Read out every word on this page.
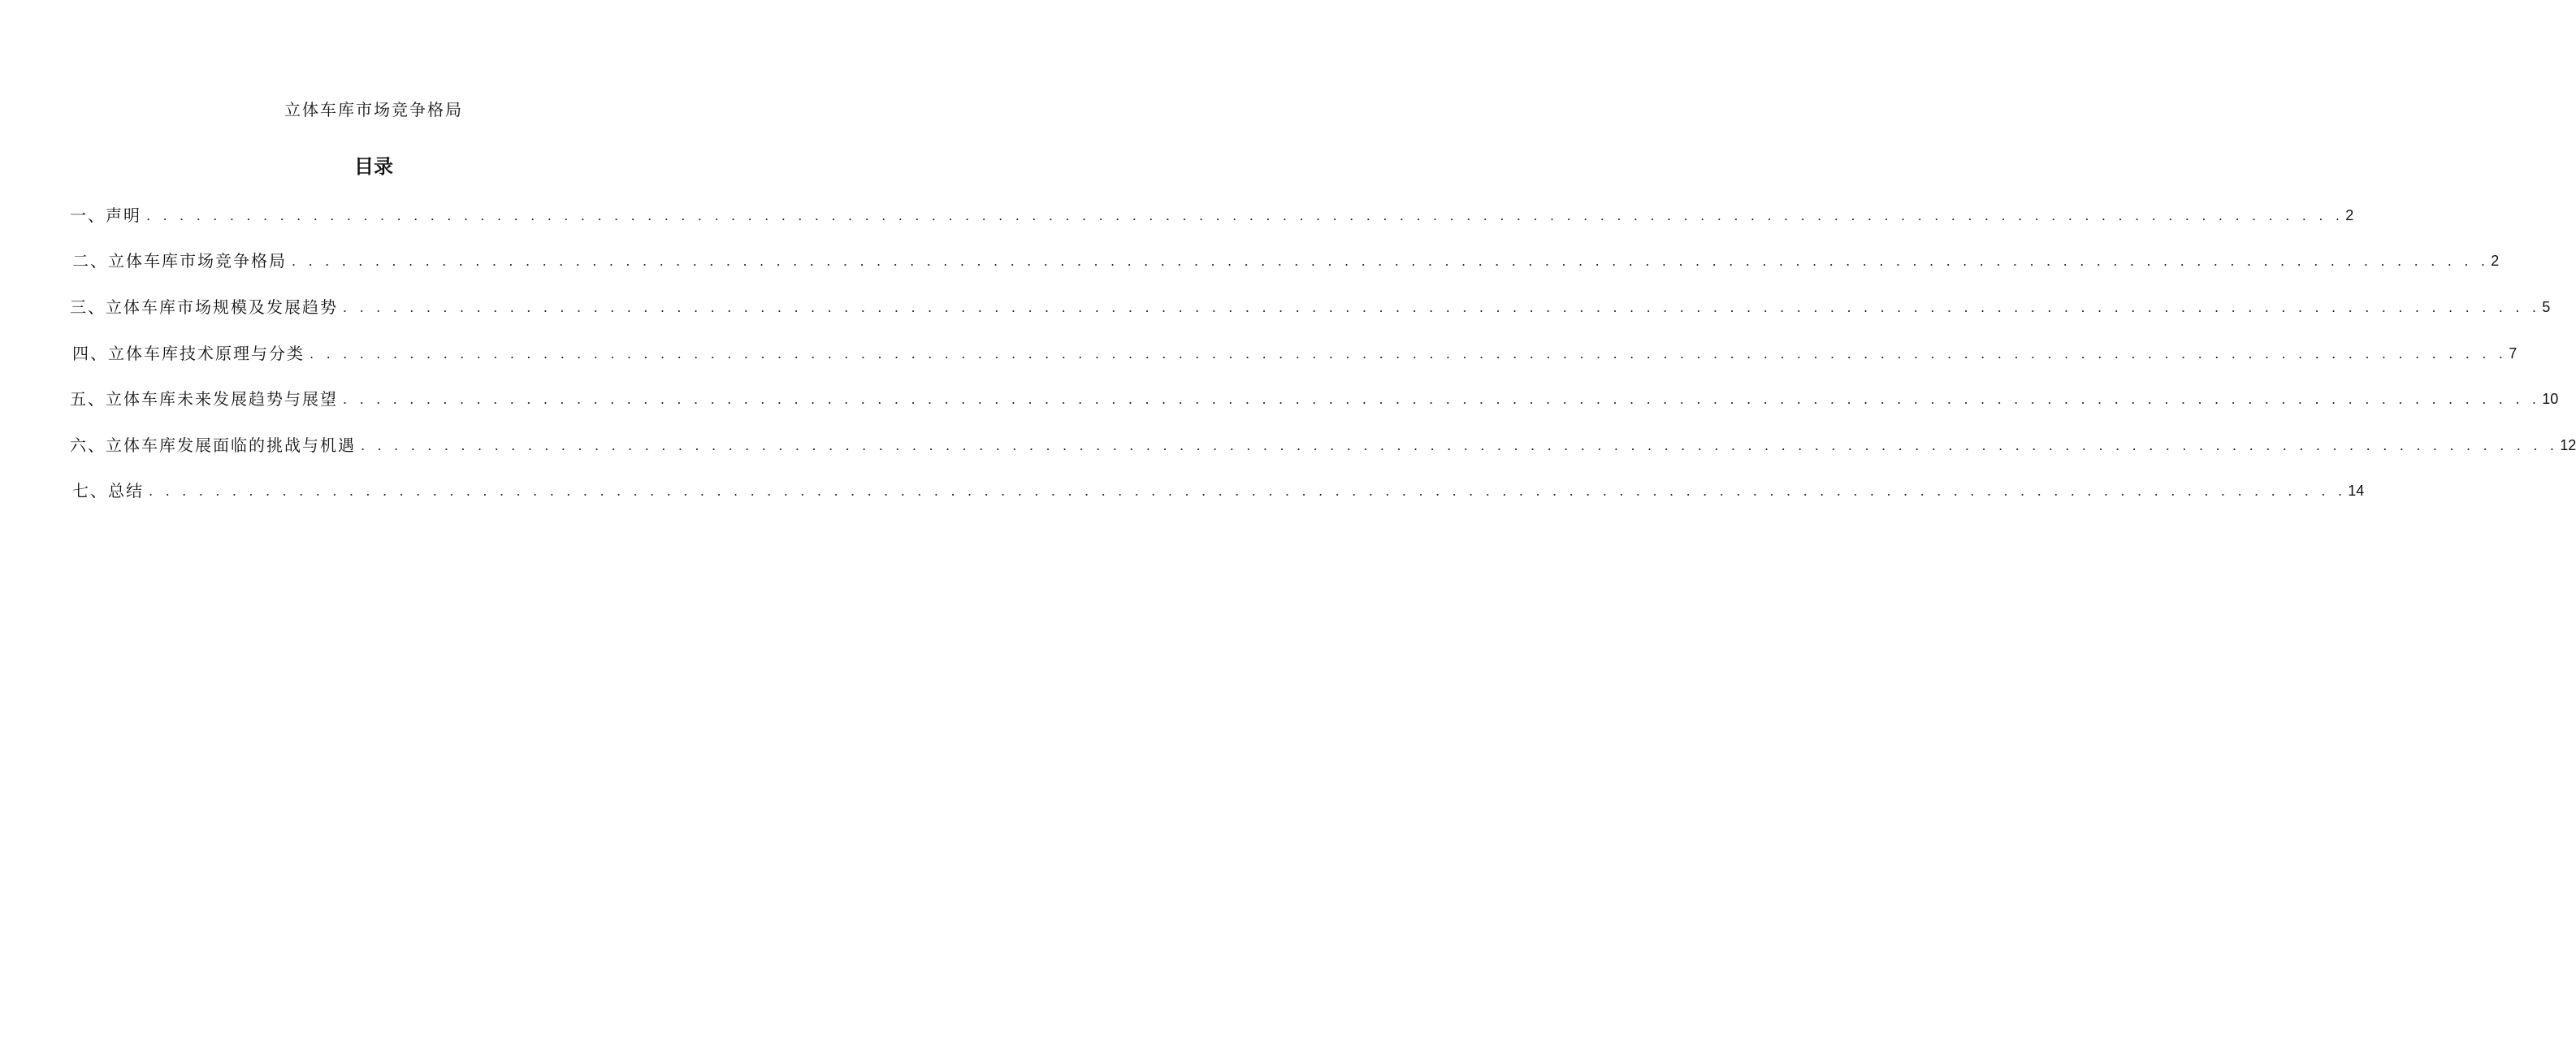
立体车库市场竞争格局
目录
一、声明 . . . . . . . . . . . . . . . . . . . . . . . . . . . . . . . . . . . . . . . . . . . . . . . . . . . . . . . . . . . . . . . . . . . . . . . . . . . . . . . . . . . . . . . . . . . . . . . . . . . . . . . . . . . . . . . . . . . . . . . . . . . . . . . . . . . . 2
二、立体车库市场竞争格局 . . . . . . . . . . . . . . . . . . . . . . . . . . . . . . . . . . . . . . . . . . . . . . . . . . . . . . . . . . . . . . . . . . . . . . . . . . . . . . . . . . . . . . . . . . . . . . . . . . . . . . . . . . . . . . . . . . . . . . . . . . . . . . . . . . . . 2
三、立体车库市场规模及发展趋势 . . . . . . . . . . . . . . . . . . . . . . . . . . . . . . . . . . . . . . . . . . . . . . . . . . . . . . . . . . . . . . . . . . . . . . . . . . . . . . . . . . . . . . . . . . . . . . . . . . . . . . . . . . . . . . . . . . . . . . . . . . . . . . . . . . . . 5
四、立体车库技术原理与分类 . . . . . . . . . . . . . . . . . . . . . . . . . . . . . . . . . . . . . . . . . . . . . . . . . . . . . . . . . . . . . . . . . . . . . . . . . . . . . . . . . . . . . . . . . . . . . . . . . . . . . . . . . . . . . . . . . . . . . . . . . . . . . . . . . . . . 7
五、立体车库未来发展趋势与展望 . . . . . . . . . . . . . . . . . . . . . . . . . . . . . . . . . . . . . . . . . . . . . . . . . . . . . . . . . . . . . . . . . . . . . . . . . . . . . . . . . . . . . . . . . . . . . . . . . . . . . . . . . . . . . . . . . . . . . . . . . . . . . . . . . . . . 10
六、立体车库发展面临的挑战与机遇 . . . . . . . . . . . . . . . . . . . . . . . . . . . . . . . . . . . . . . . . . . . . . . . . . . . . . . . . . . . . . . . . . . . . . . . . . . . . . . . . . . . . . . . . . . . . . . . . . . . . . . . . . . . . . . . . . . . . . . . . . . . . . . . . . . . . 12
七、总结 . . . . . . . . . . . . . . . . . . . . . . . . . . . . . . . . . . . . . . . . . . . . . . . . . . . . . . . . . . . . . . . . . . . . . . . . . . . . . . . . . . . . . . . . . . . . . . . . . . . . . . . . . . . . . . . . . . . . . . . . . . . . . . . . . . . . 14
